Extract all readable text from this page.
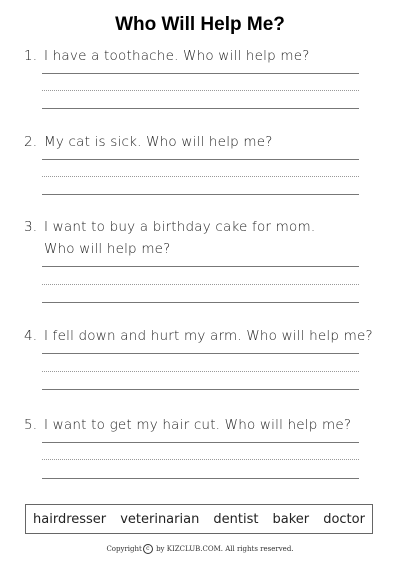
Who Will Help Me?
1. I have a toothache. Who will help me?
2. My cat is sick. Who will help me?
3. I want to buy a birthday cake for mom.
Who will help me?
4. I fell down and hurt my arm. Who will help me?
5. I want to get my hair cut. Who will help me?
hairdresser veterinarian dentist baker doctor
Copyright c by KIZCLUB.COM. All rights reserved.
